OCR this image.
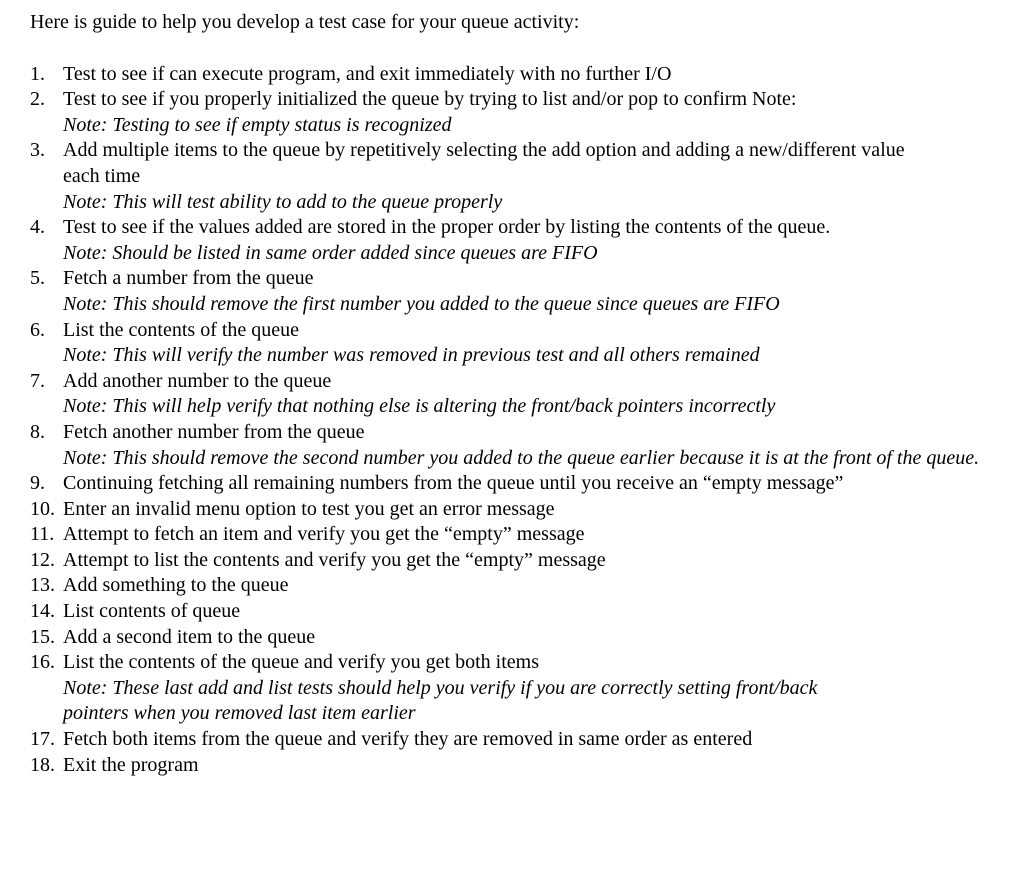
Here is guide to help you develop a test case for your queue activity:

1. Test to see if can execute program, and exit immediately with no further I/O
2. Test to see if you properly initialized the queue by trying to list and/or pop to confirm Note:
Note: Testing to see if empty status is recognized
3. Add multiple items to the queue by repetitively selecting the add option and adding a new/different value each time
Note: This will test ability to add to the queue properly
4. Test to see if the values added are stored in the proper order by listing the contents of the queue.
Note: Should be listed in same order added since queues are FIFO
5. Fetch a number from the queue
Note: This should remove the first number you added to the queue since queues are FIFO
6. List the contents of the queue
Note: This will verify the number was removed in previous test and all others remained
7. Add another number to the queue
Note: This will help verify that nothing else is altering the front/back pointers incorrectly
8. Fetch another number from the queue
Note: This should remove the second number you added to the queue earlier because it is at the front of the queue.
9. Continuing fetching all remaining numbers from the queue until you receive an “empty message”
10. Enter an invalid menu option to test you get an error message
11. Attempt to fetch an item and verify you get the “empty” message
12. Attempt to list the contents and verify you get the “empty” message
13. Add something to the queue
14. List contents of queue
15. Add a second item to the queue
16. List the contents of the queue and verify you get both items
Note: These last add and list tests should help you verify if you are correctly setting front/back pointers when you removed last item earlier
17. Fetch both items from the queue and verify they are removed in same order as entered
18. Exit the program
